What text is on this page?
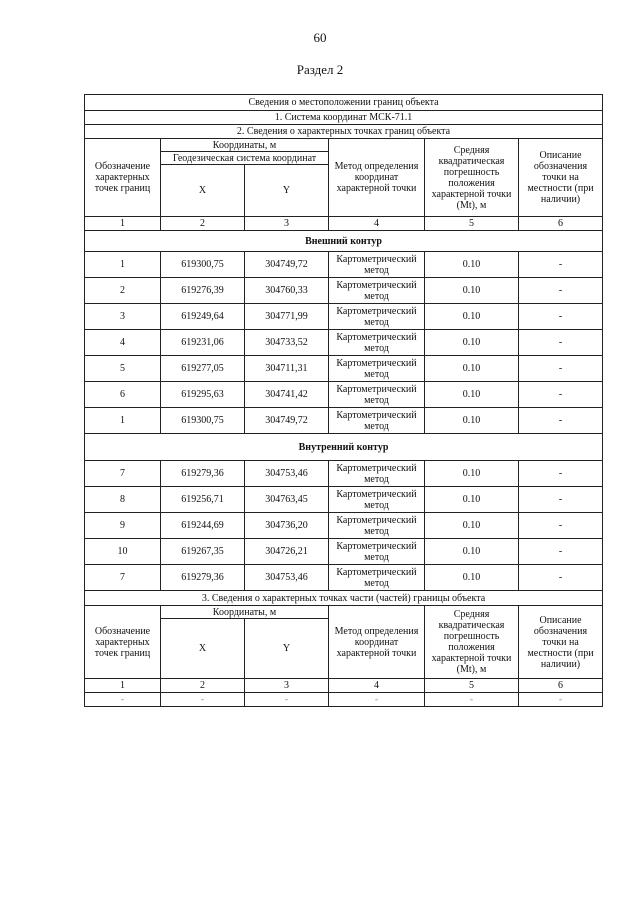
60
Раздел 2
Сведения о местоположении границ объекта					
1. Система координат МСК-71.1					
2. Сведения о характерных точках границ объекта					
Обозначение характерных точек границ	Координаты, м		Метод определения координат характерной точки	Средняя квадратическая погрешность положения характерной точки (Mt), м	Описание обозначения точки на местности (при наличии)
	Геодезическая система координат				
	X	Y			
1	2	3	4	5	6
Внешний контур					
1	619300,75	304749,72	Картометрический метод	0.10	-
2	619276,39	304760,33	Картометрический метод	0.10	-
3	619249,64	304771,99	Картометрический метод	0.10	-
4	619231,06	304733,52	Картометрический метод	0.10	-
5	619277,05	304711,31	Картометрический метод	0.10	-
6	619295,63	304741,42	Картометрический метод	0.10	-
1	619300,75	304749,72	Картометрический метод	0.10	-
Внутренний контур					
7	619279,36	304753,46	Картометрический метод	0.10	-
8	619256,71	304763,45	Картометрический метод	0.10	-
9	619244,69	304736,20	Картометрический метод	0.10	-
10	619267,35	304726,21	Картометрический метод	0.10	-
7	619279,36	304753,46	Картометрический метод	0.10	-
3. Сведения о характерных точках части (частей) границы объекта					
Обозначение характерных точек границ	Координаты, м		Метод определения координат характерной точки	Средняя квадратическая погрешность положения характерной точки (Mt), м	Описание обозначения точки на местности (при наличии)
	X	Y			
1	2	3	4	5	6
-	-	-	-	-	-
